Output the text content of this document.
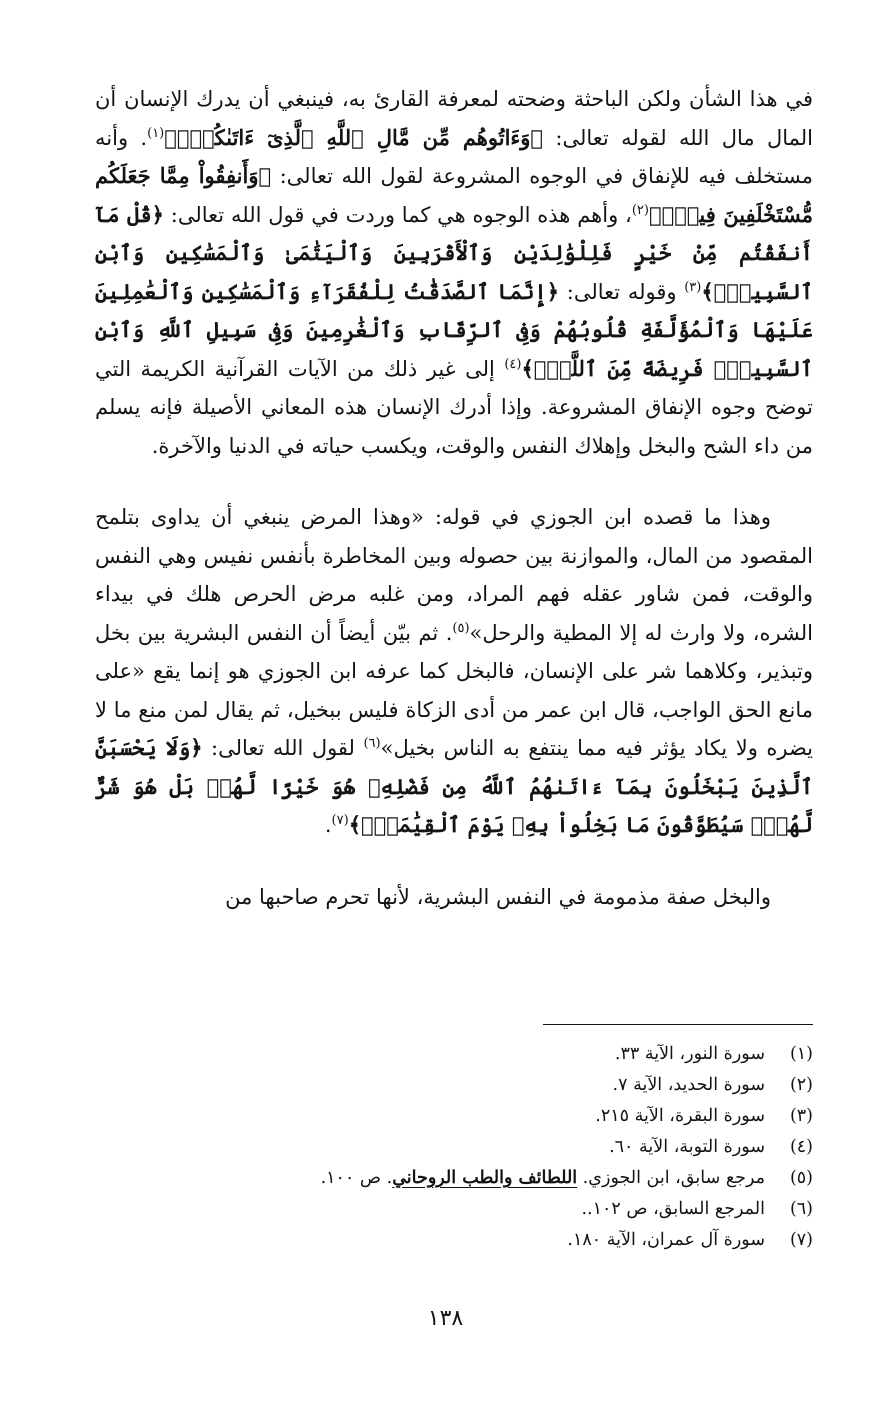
في هذا الشأن ولكن الباحثة وضحته لمعرفة القارئ به، فينبغي أن يدرك الإنسان أن المال مال الله لقوله تعالى: ﴿وَءَاتُوهُم مِّن مَّالِ ٱللَّهِ ٱلَّذِىٓ ءَاتَىٰكُمْۚ﴾$^{(١)}$. وأنه مستخلف فيه للإنفاق في الوجوه المشروعة لقول الله تعالى: ﴿وَأَنفِقُواْ مِمَّا جَعَلَكُم مُّسْتَخْلَفِينَ فِيهِۖ﴾$^{(٢)}$، وأهم هذه الوجوه هي كما وردت في قول الله تعالى: ﴿قُلْ مَآ أَنفَقْتُم مِّنْ خَيْرٍ فَلِلْوَٰلِدَيْنِ وَٱلْأَقْرَبِينَ وَٱلْيَتَٰمَىٰ وَٱلْمَسَٰكِينِ وَٱبْنِ ٱلسَّبِيلِۗ﴾$^{(٣)}$ وقوله تعالى: ﴿إِنَّمَا ٱلصَّدَقَٰتُ لِلْفُقَرَآءِ وَٱلْمَسَٰكِينِ وَٱلْعَٰمِلِينَ عَلَيْهَا وَٱلْمُؤَلَّفَةِ قُلُوبُهُمْ وَفِى ٱلرِّقَابِ وَٱلْغَٰرِمِينَ وَفِى سَبِيلِ ٱللَّهِ وَٱبْنِ ٱلسَّبِيلِۖ فَرِيضَةً مِّنَ ٱللَّهِۗ﴾$^{(٤)}$ إلى غير ذلك من الآيات القرآنية الكريمة التي توضح وجوه الإنفاق المشروعة. وإذا أدرك الإنسان هذه المعاني الأصيلة فإنه يسلم من داء الشح والبخل وإهلاك النفس والوقت، ويكسب حياته في الدنيا والآخرة.

وهذا ما قصده ابن الجوزي في قوله: «وهذا المرض ينبغي أن يداوى بتلمح المقصود من المال، والموازنة بين حصوله وبين المخاطرة بأنفس نفيس وهي النفس والوقت، فمن شاور عقله فهم المراد، ومن غلبه مرض الحرص هلك في بيداء الشره، ولا وارث له إلا المطية والرحل»$^{(٥)}$. ثم بيّن أيضاً أن النفس البشرية بين بخل وتبذير، وكلاهما شر على الإنسان، فالبخل كما عرفه ابن الجوزي هو إنما يقع «على مانع الحق الواجب، قال ابن عمر من أدى الزكاة فليس ببخيل، ثم يقال لمن منع ما لا يضره ولا يكاد يؤثر فيه مما ينتفع به الناس بخيل»$^{(٦)}$ لقول الله تعالى: ﴿وَلَا يَحْسَبَنَّ ٱلَّذِينَ يَبْخَلُونَ بِمَآ ءَاتَىٰهُمُ ٱللَّهُ مِن فَضْلِهِۦ هُوَ خَيْرًا لَّهُمۖ بَلْ هُوَ شَرٌّ لَّهُمْۖ سَيُطَوَّقُونَ مَا بَخِلُواْ بِهِۦ يَوْمَ ٱلْقِيَٰمَةِۗ﴾$^{(٧)}$.

والبخل صفة مذمومة في النفس البشرية، لأنها تحرم صاحبها من

(١)
سورة النور، الآية ٣٣.
(٢)
سورة الحديد، الآية ٧.
(٣)
سورة البقرة، الآية ٢١٥.
(٤)
سورة التوبة، الآية ٦٠.
(٥)
مرجع سابق، ابن الجوزي. اللطائف والطب الروحاني. ص ١٠٠.
(٦)
المرجع السابق، ص ١٠٢..
(٧)
سورة آل عمران، الآية ١٨٠.
١٣٨
